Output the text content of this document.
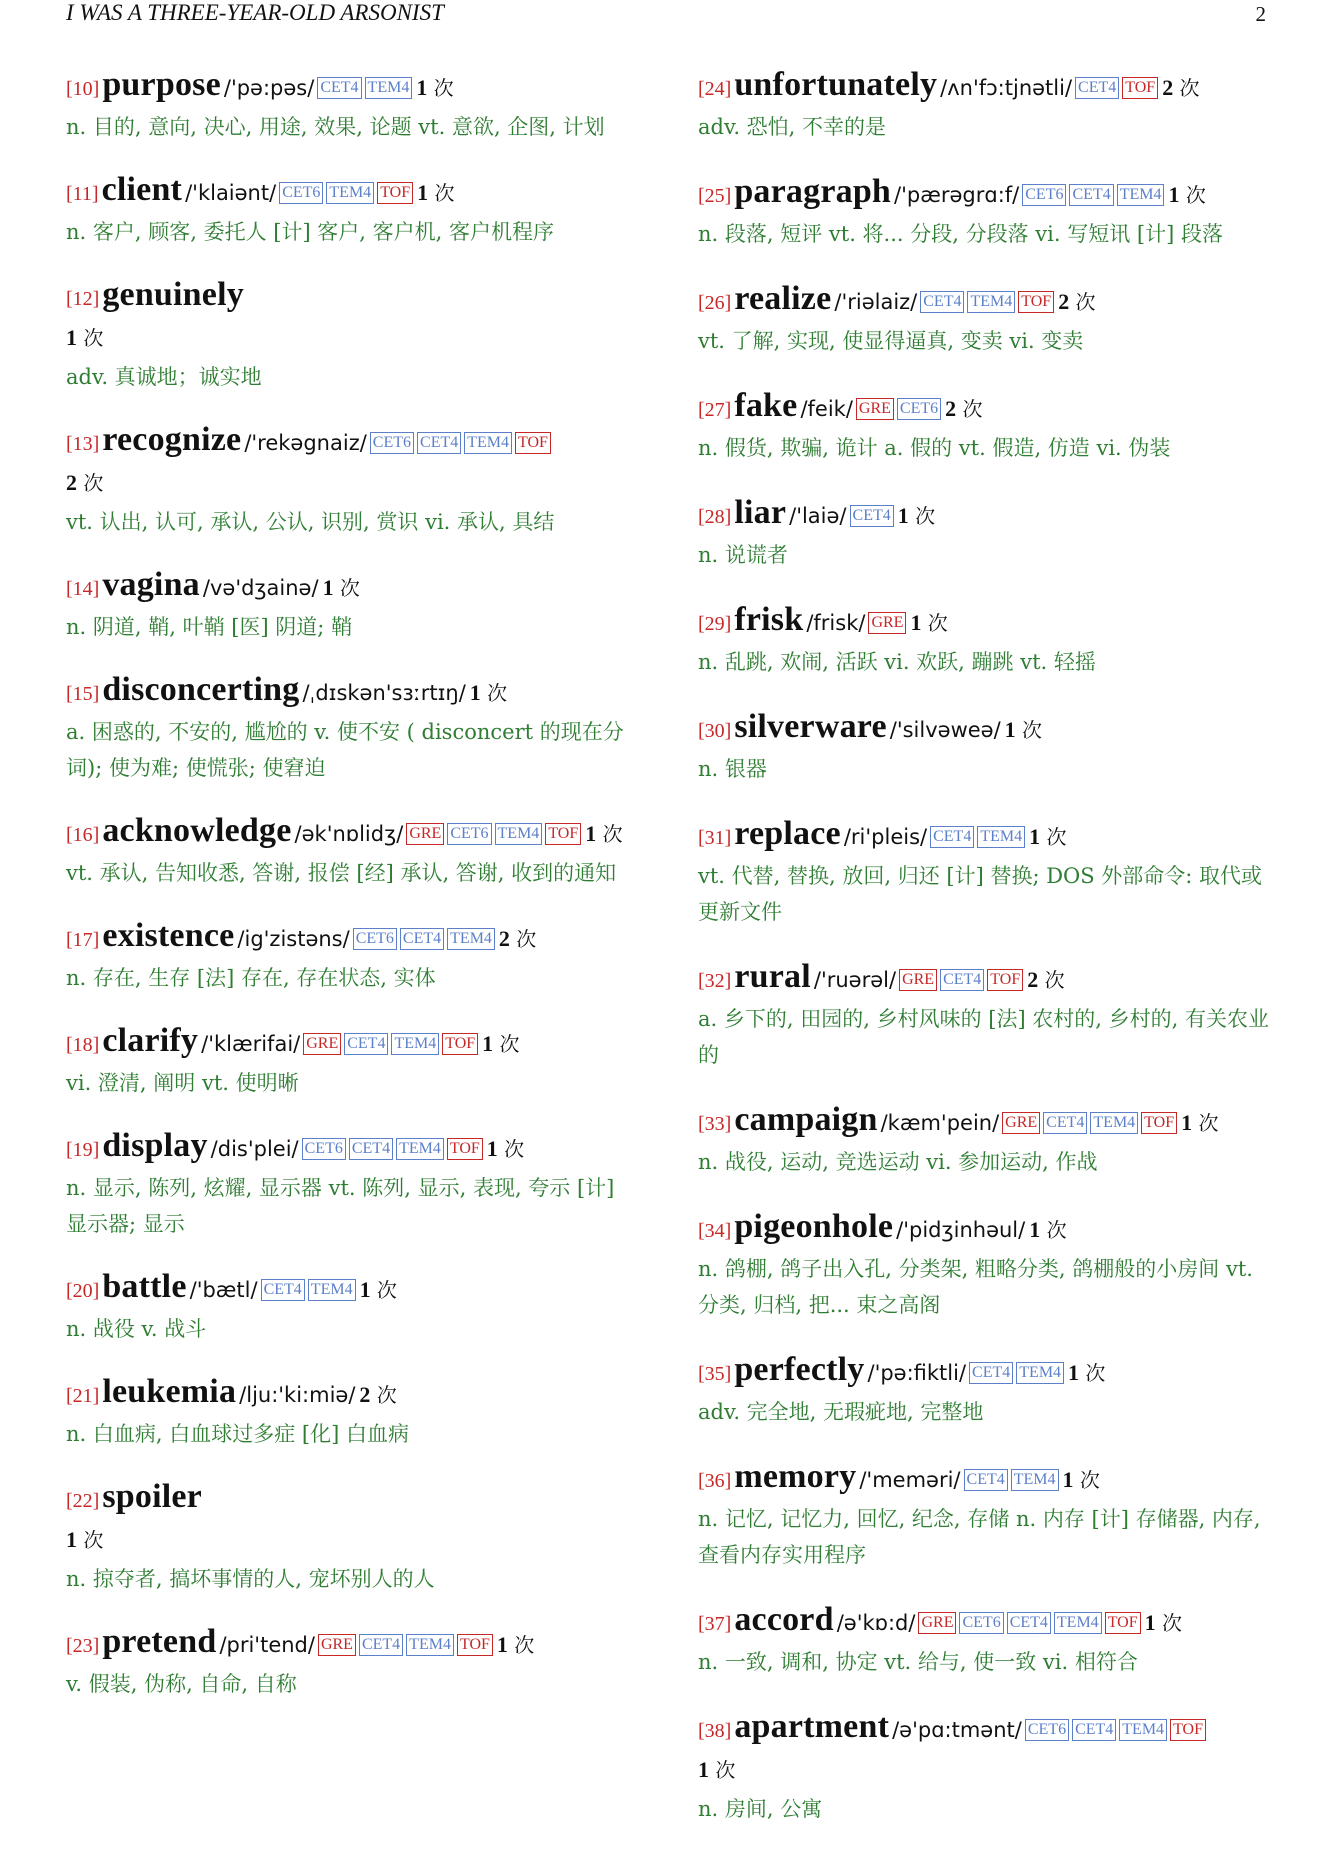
I WAS A THREE-YEAR-OLD ARSONIST	2
[10]purpose /'pə:pəs/ CET4 TEM4 1 次
n. 目的, 意向, 决心, 用途, 效果, 论题 vt. 意欲, 企图, 计划
[11]client /'klaiənt/ CET6 TEM4 TOF 1 次
n. 客户, 顾客, 委托人 [计] 客户, 客户机, 客户机程序
[12]genuinely
1 次
adv. 真诚地；诚实地
[13]recognize /'rekəgnaiz/ CET6 CET4 TEM4 TOF
2 次
vt. 认出, 认可, 承认, 公认, 识别, 赏识 vi. 承认, 具结
[14]vagina /və'dʒainə/ 1 次
n. 阴道, 鞘, 叶鞘 [医] 阴道; 鞘
[15]disconcerting /ˌdɪskən'sɜːrtɪŋ/ 1 次
a. 困惑的, 不安的, 尴尬的 v. 使不安 ( disconcert 的现在分词); 使为难; 使慌张; 使窘迫
[16]acknowledge /ək'nɒlidʒ/ GRE CET6 TEM4 TOF 1 次
vt. 承认, 告知收悉, 答谢, 报偿 [经] 承认, 答谢, 收到的通知
[17]existence /ig'zistəns/ CET6 CET4 TEM4 2 次
n. 存在, 生存 [法] 存在, 存在状态, 实体
[18]clarify /'klærifai/ GRE CET4 TEM4 TOF 1 次
vi. 澄清, 阐明 vt. 使明晰
[19]display /dis'plei/ CET6 CET4 TEM4 TOF 1 次
n. 显示, 陈列, 炫耀, 显示器 vt. 陈列, 显示, 表现, 夸示 [计] 显示器; 显示
[20]battle /'bætl/ CET4 TEM4 1 次
n. 战役 v. 战斗
[21]leukemia /lju:'ki:miə/ 2 次
n. 白血病, 白血球过多症 [化] 白血病
[22]spoiler
1 次
n. 掠夺者, 搞坏事情的人, 宠坏别人的人
[23]pretend /pri'tend/ GRE CET4 TEM4 TOF 1 次
v. 假装, 伪称, 自命, 自称
[24]unfortunately /ʌn'fɔ:tjnətli/ CET4 TOF 2 次
adv. 恐怕, 不幸的是
[25]paragraph /'pærəgrɑ:f/ CET6 CET4 TEM4 1 次
n. 段落, 短评 vt. 将... 分段, 分段落 vi. 写短讯 [计] 段落
[26]realize /'riəlaiz/ CET4 TEM4 TOF 2 次
vt. 了解, 实现, 使显得逼真, 变卖 vi. 变卖
[27]fake /feik/ GRE CET6 2 次
n. 假货, 欺骗, 诡计 a. 假的 vt. 假造, 仿造 vi. 伪装
[28]liar /'laiə/ CET4 1 次
n. 说谎者
[29]frisk /frisk/ GRE 1 次
n. 乱跳, 欢闹, 活跃 vi. 欢跃, 蹦跳 vt. 轻摇
[30]silverware /'silvəweə/ 1 次
n. 银器
[31]replace /ri'pleis/ CET4 TEM4 1 次
vt. 代替, 替换, 放回, 归还 [计] 替换; DOS 外部命令: 取代或更新文件
[32]rural /'ruərəl/ GRE CET4 TOF 2 次
a. 乡下的, 田园的, 乡村风味的 [法] 农村的, 乡村的, 有关农业的
[33]campaign /kæm'pein/ GRE CET4 TEM4 TOF 1 次
n. 战役, 运动, 竞选运动 vi. 参加运动, 作战
[34]pigeonhole /'pidʒinhəul/ 1 次
n. 鸽棚, 鸽子出入孔, 分类架, 粗略分类, 鸽棚般的小房间 vt. 分类, 归档, 把... 束之高阁
[35]perfectly /'pə:fiktli/ CET4 TEM4 1 次
adv. 完全地, 无瑕疵地, 完整地
[36]memory /'meməri/ CET4 TEM4 1 次
n. 记忆, 记忆力, 回忆, 纪念, 存储 n. 内存 [计] 存储器, 内存, 查看内存实用程序
[37]accord /ə'kɒ:d/ GRE CET6 CET4 TEM4 TOF 1 次
n. 一致, 调和, 协定 vt. 给与, 使一致 vi. 相符合
[38]apartment /ə'pɑ:tmənt/ CET6 CET4 TEM4 TOF
1 次
n. 房间, 公寓
